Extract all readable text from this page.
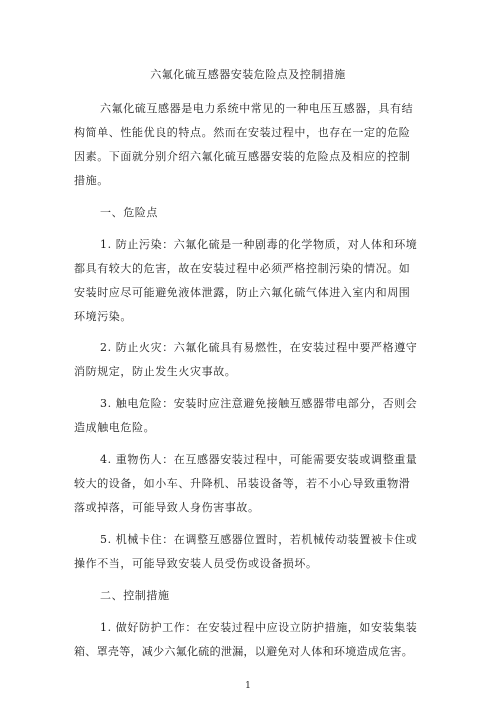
六氟化硫互感器安装危险点及控制措施
六氟化硫互感器是电力系统中常见的一种电压互感器，具有结
构简单、性能优良的特点。然而在安装过程中，也存在一定的危险
因素。下面就分别介绍六氟化硫互感器安装的危险点及相应的控制
措施。
一、危险点
1. 防止污染：六氟化硫是一种剧毒的化学物质，对人体和环境
都具有较大的危害，故在安装过程中必须严格控制污染的情况。如
安装时应尽可能避免液体泄露，防止六氟化硫气体进入室内和周围
环境污染。
2. 防止火灾：六氟化硫具有易燃性，在安装过程中要严格遵守
消防规定，防止发生火灾事故。
3. 触电危险：安装时应注意避免接触互感器带电部分，否则会
造成触电危险。
4. 重物伤人：在互感器安装过程中，可能需要安装或调整重量
较大的设备，如小车、升降机、吊装设备等，若不小心导致重物滑
落或掉落，可能导致人身伤害事故。
5. 机械卡住：在调整互感器位置时，若机械传动装置被卡住或
操作不当，可能导致安装人员受伤或设备损坏。
二、控制措施
1. 做好防护工作：在安装过程中应设立防护措施，如安装集装
箱、罩壳等，减少六氟化硫的泄漏，以避免对人体和环境造成危害。
1
